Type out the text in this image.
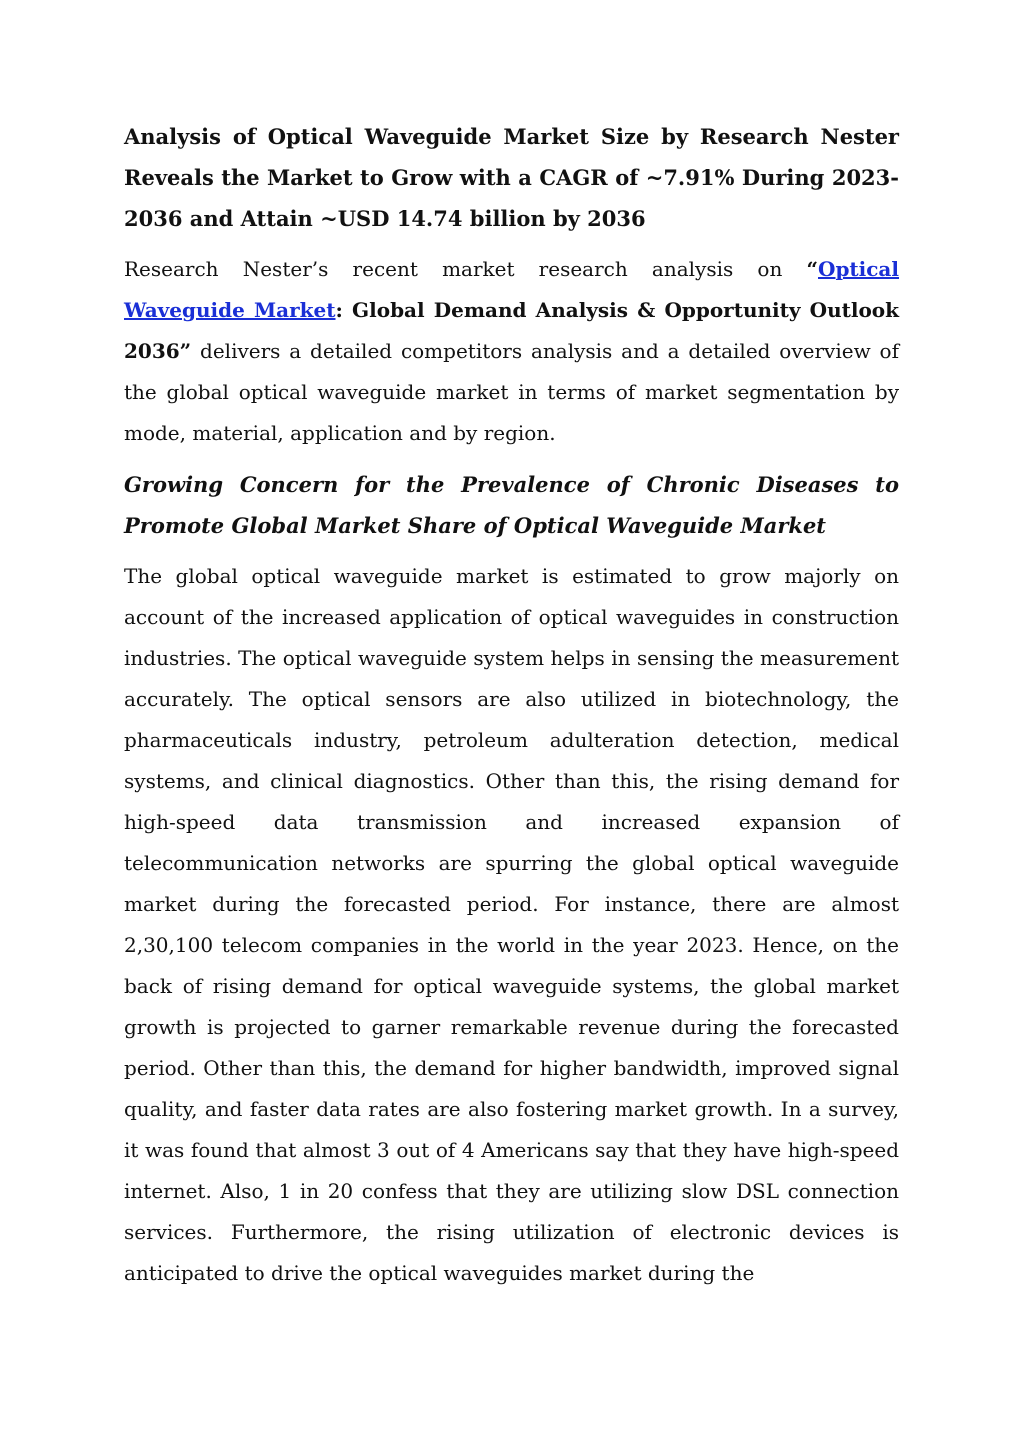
Analysis of Optical Waveguide Market Size by Research Nester Reveals the Market to Grow with a CAGR of ~7.91% During 2023-2036 and Attain ~USD 14.74 billion by 2036

Research Nester’s recent market research analysis on “Optical Waveguide Market: Global Demand Analysis & Opportunity Outlook 2036” delivers a detailed competitors analysis and a detailed overview of the global optical waveguide market in terms of market segmentation by mode, material, application and by region.

Growing Concern for the Prevalence of Chronic Diseases to Promote Global Market Share of Optical Waveguide Market

The global optical waveguide market is estimated to grow majorly on account of the increased application of optical waveguides in construction industries. The optical waveguide system helps in sensing the measurement accurately. The optical sensors are also utilized in biotechnology, the pharmaceuticals industry, petroleum adulteration detection, medical systems, and clinical diagnostics. Other than this, the rising demand for high-speed data transmission and increased expansion of telecommunication networks are spurring the global optical waveguide market during the forecasted period. For instance, there are almost 2,30,100 telecom companies in the world in the year 2023. Hence, on the back of rising demand for optical waveguide systems, the global market growth is projected to garner remarkable revenue during the forecasted period. Other than this, the demand for higher bandwidth, improved signal quality, and faster data rates are also fostering market growth. In a survey, it was found that almost 3 out of 4 Americans say that they have high-speed internet. Also, 1 in 20 confess that they are utilizing slow DSL connection services. Furthermore, the rising utilization of electronic devices is anticipated to drive the optical waveguides market during the
